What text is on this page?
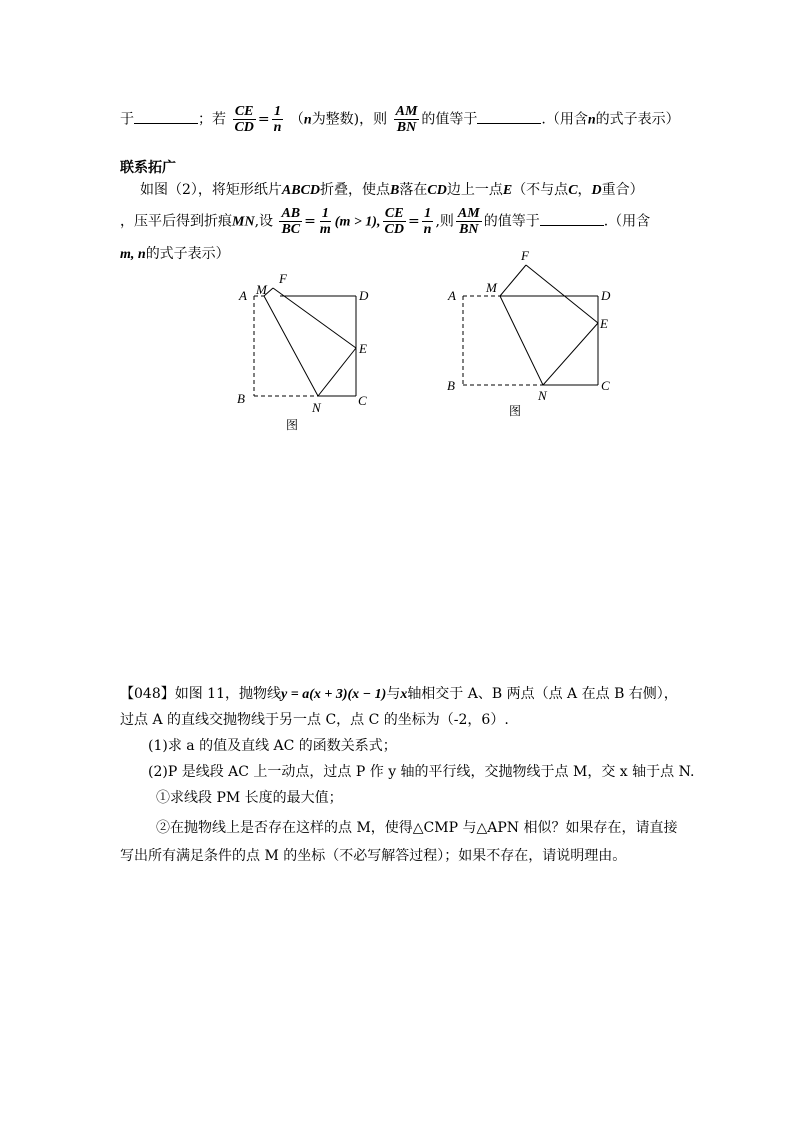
于	；若 $\frac{CE}{CD} = \frac{1}{n} (n$为整数)，则 $\frac{AM}{BN}$ 的值等于	.（用含n的式子表示）
联系拓广
如图（2），将矩形纸片ABCD折叠，使点B落在CD边上一点E（不与点C，D重合）
，压平后得到折痕MN,设 $\frac{AB}{BC} = \frac{1}{m} (m > 1)$, $\frac{CE}{CD} = \frac{1}{n}$ ,则 $\frac{AM}{BN}$ 的值等于	.（用含
m, n的式子表示）
A M
F
D
E
B
N	C
图
A
M
F
D
E
B
N
C
图
【048】如图 11，抛物线y = a(x + 3)(x − 1)与x轴相交于 A、B 两点（点 A 在点 B 右侧），
过点 A 的直线交抛物线于另一点 C，点 C 的坐标为（-2，6）.
(1)求 a 的值及直线 AC 的函数关系式；
(2)P 是线段 AC 上一动点，过点 P 作 y 轴的平行线，交抛物线于点 M，交 x 轴于点 N.
①求线段 PM 长度的最大值；
②在抛物线上是否存在这样的点 M，使得△CMP 与△APN 相似？如果存在，请直接
写出所有满足条件的点 M 的坐标（不必写解答过程）；如果不存在，请说明理由。
